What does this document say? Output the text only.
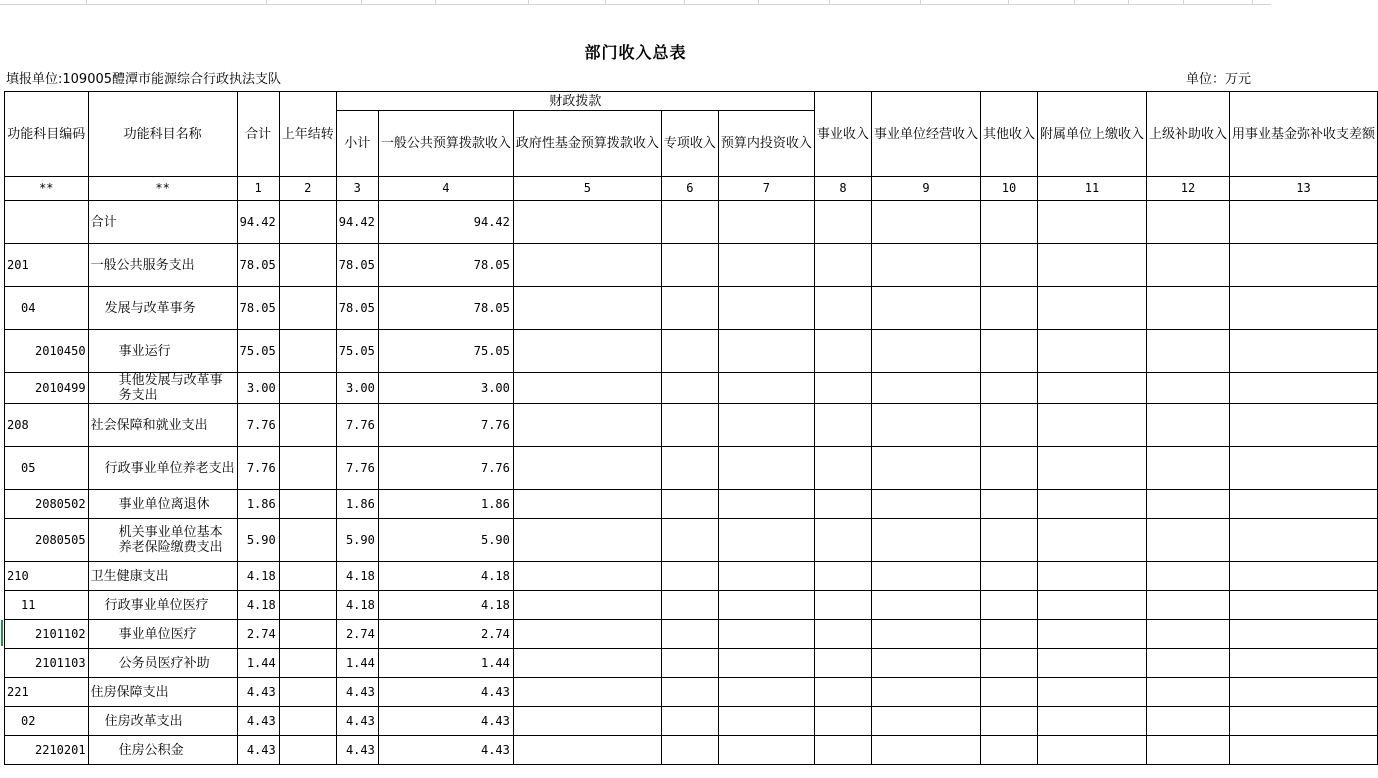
部门收入总表
填报单位:109005醴潭市能源综合行政执法支队	单位：万元
功能科目编码	功能科目名称	合计	上年结转	财政拨款					事业收入	事业单位经营收入	其他收入	附属单位上缴收入	上级补助收入	用事业基金弥补收支差额
				小计	一般公共预算拨款收入	政府性基金预算拨款收入	专项收入	预算内投资收入						
**	**	1	2	3	4	5	6	7	8	9	10	11	12	13
	合计	94.42		94.42	94.42									
201	一般公共服务支出	78.05		78.05	78.05									
04	发展与改革事务	78.05		78.05	78.05									
2010450	事业运行	75.05		75.05	75.05									
2010499	其他发展与改革事务支出	3.00		3.00	3.00									
208	社会保障和就业支出	7.76		7.76	7.76									
05	行政事业单位养老支出	7.76		7.76	7.76									
2080502	事业单位离退休	1.86		1.86	1.86									
2080505	机关事业单位基本养老保险缴费支出	5.90		5.90	5.90									
210	卫生健康支出	4.18		4.18	4.18									
11	行政事业单位医疗	4.18		4.18	4.18									
2101102	事业单位医疗	2.74		2.74	2.74									
2101103	公务员医疗补助	1.44		1.44	1.44									
221	住房保障支出	4.43		4.43	4.43									
02	住房改革支出	4.43		4.43	4.43									
2210201	住房公积金	4.43		4.43	4.43									
